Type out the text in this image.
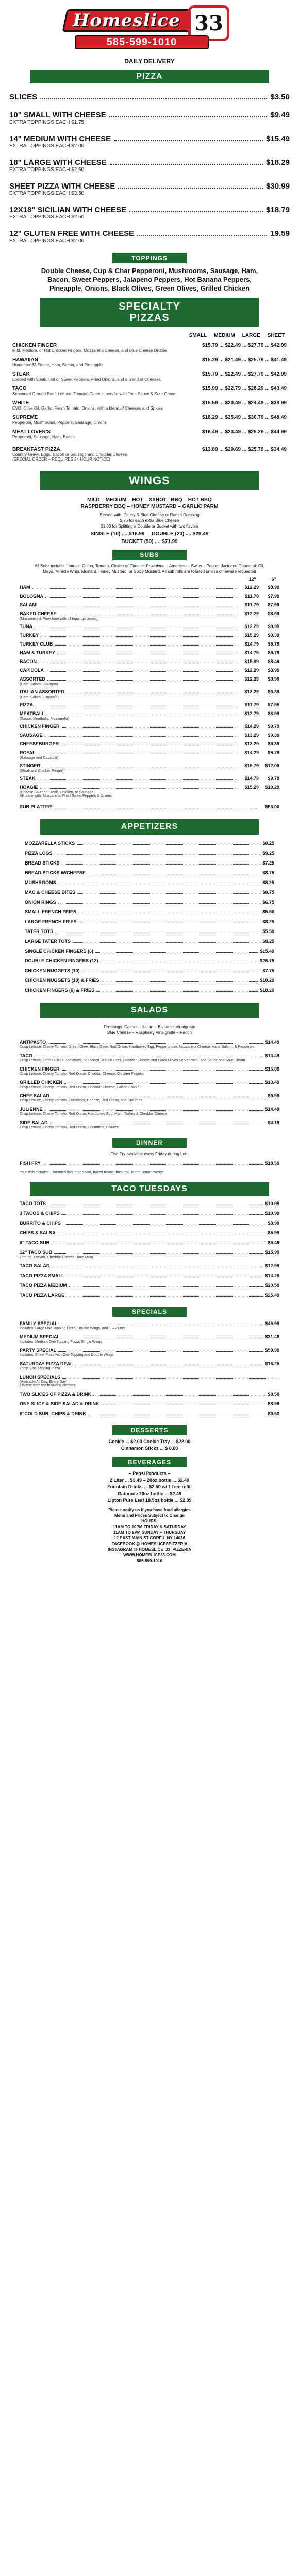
Homeslice 33
585-599-1010
DAILY DELIVERY
PIZZA
SLICES	$3.50
10" SMALL WITH CHEESE	$9.49
EXTRA TOPPINGS EACH $1.75
14" MEDIUM WITH CHEESE	$15.49
EXTRA TOPPINGS EACH $2.00
18" LARGE WITH CHEESE	$18.29
EXTRA TOPPINGS EACH $2.50
SHEET PIZZA WITH CHEESE	$30.99
EXTRA TOPPINGS EACH $3.50
12X18" SICILIAN WITH CHEESE	$18.79
EXTRA TOPPINGS EACH $2.50
12" GLUTEN FREE WITH CHEESE	19.59
EXTRA TOPPINGS EACH $2.00
TOPPINGS
Double Cheese, Cup & Char Pepperoni, Mushrooms, Sausage, Ham, Bacon, Sweet Peppers, Jalapeno Peppers, Hot Banana Peppers, Pineapple, Onions, Black Olives, Green Olives, Grilled Chicken
SPECIALTY
PIZZAS
SMALL MEDIUM LARGE SHEET
CHICKEN FINGER	$15.79 ... $22.49 ... $27.79 ... $42.99
Mild, Medium, or Hot Chicken Fingers, Mozzarella Cheese, and Blue Cheese Drizzle
HAWAIIAN	$15.29 ... $21.49 ... $25.79 ... $41.49
Homeslice33 Sauce, Ham, Bacon, and Pineapple
STEAK	$15.79 ... $22.49 ... $27.79 ... $42.99
Loaded with Steak, Hot or Sweet Peppers, Fried Onions, and a blend of Cheeses
TACO	$15.99 ... $22.79 ... $28.29 ... $43.49
Seasoned Ground Beef, Lettuce, Tomato, Cheese, served with Taco Sauce & Sour Cream
WHITE	$15.59 ... $20.49 ... $24.49 ... $38.99
EVO, Olive Oil, Garlic, Fresh Tomato, Onions, with a blend of Cheeses and Spices
SUPREME	$18.29 ... $25.49 ... $30.79 ... $48.49
Pepperoni, Mushrooms, Peppers, Sausage, Onions
MEAT LOVER'S	$16.49 ... $23.49 ... $28.29 ... $44.99
Pepperoni, Sausage, Ham, Bacon
BREAKFAST PIZZA	$13.89 ... $20.69 ... $25.79 ... $34.49
Country Gravy, Eggs, Bacon or Sausage and Cheddar Cheese
(SPECIAL ORDER – REQUIRES 24 HOUR NOTICE)
WINGS
MILD – MEDIUM – HOT – XXHOT –BBQ – HOT BBQ
RASPBERRY BBQ – HONEY MUSTARD – GARLIC PARM
Served with: Celery & Blue Cheese or Ranch Dressing
$.75 for each extra Blue Cheese
$1.00 for Splitting a Double or Bucket with two flavors
SINGLE (10) .... $16.99     DOUBLE (20) .... $29.49
BUCKET (50) .... $71.99
SUBS
All Subs include: Lettuce, Onion, Tomato, Choice of Cheese: Provolone – American – Swiss – Pepper Jack and Choice of: Oil, Mayo, Miracle Whip, Mustard, Honey Mustard, or Spicy Mustard. All sub rolls are toasted unless otherwise requested
12"	6"
HAM	$12.29	$8.99
BOLOGNA	$11.79	$7.99
SALAMI	$11.79	$7.99
BAKED CHEESE	$12.29	$8.99
(Mozzarella & Provolone with all toppings baked)
TUNA	$12.29	$8.99
TURKEY	$15.29	$9.39
TURKEY CLUB	$14.79	$9.79
HAM & TURKEY	$14.79	$9.79
BACON	$15.99	$8.49
CAPICOLA	$12.29	$8.99
ASSORTED	$12.29	$8.99
(Ham, Salami, Bologna)
ITALIAN ASSORTED	$13.29	$9.39
(Ham, Salami, Capicola)
PIZZA	$11.79	$7.99
MEATBALL	$12.79	$8.99
(Sauce, Meatballs, Mozzarella)
CHICKEN FINGER	$14.29	$9.79
SAUSAGE	$13.29	$9.39
CHEESEBURGER	$13.29	$9.39
ROYAL	$14.29	$9.79
(Sausage and Capicola)
STINGER	$15.79	$12.09
(Steak and Chicken Finger)
STEAK	$14.79	$9.79
HOAGIE	$15.29	$10.29
(Choose Sauteed Steak, Chicken, or Sausage)
All come with: Mozzarella, Fried Sweet Peppers & Onions
SUB PLATTER	$56.00
APPETIZERS
MOZZARELLA STICKS	$8.25
PIZZA LOGS	$9.25
BREAD STICKS	$7.25
BREAD STICKS W/CHEESE	$8.75
MUSHROOMS	$8.25
MAC & CHEESE BITES	$8.75
ONION RINGS	$6.75
SMALL FRENCH FRIES	$5.50
LARGE FRENCH FRIES	$8.25
TATER TOTS	$5.50
LARGE TATER TOTS	$8.25
SINGLE CHICKEN FINGERS (6)	$15.49
DOUBLE CHICKEN FINGERS (12)	$26.79
CHICKEN NUGGETS (10)	$7.75
CHICKEN NUGGETS (10) & FRIES	$10.29
CHICKEN FINGERS (6) & FRIES	$18.29
SALADS
Dressings: Caesar – Italian – Balsamic Vinaigrette
Blue Cheese – Raspberry Vinaigrette – Ranch
ANTIPASTO	$14.49
Crisp Lettuce, Cherry Tomato, Green Olive, Black Olive, Red Onion, Hardboiled Egg, Pepperoncini, Mozzarella Cheese, Ham, Salami, & Pepperoni
TACO	$14.49
Crisp Lettuce, Tortilla Chips, Tomatoes, Seasoned Ground Beef, Cheddar Cheese and Black Olives Served with Taco Sauce and Sour Cream
CHICKEN FINGER	$15.89
Crisp Lettuce, Cherry Tomato, Red Onion, Cheddar Cheese, Chicken Fingers
GRILLED CHICKEN	$13.49
Crisp Lettuce, Cherry Tomato, Red Onion, Cheddar Cheese, Grilled Chicken
CHEF SALAD	$9.99
Crisp Lettuce, Cherry Tomato, Cucumber, Cheese, Red Onion, and Croutons
JULIENNE	$14.49
Crisp Lettuce, Cherry Tomato, Red Onion, Hardboiled Egg, Ham, Turkey & Cheddar Cheese
SIDE SALAD	$4.19
Crisp Lettuce, Cherry Tomato, Red Onion, Cucumber, Crouton
DINNER
Fish Fry available every Friday during Lent
FISH FRY	$18.59
Your dish includes 1 breaded fish, mac salad, baked beans, fries, roll, butter, lemon wedge
TACO TUESDAYS
TACO TOTS	$10.99
3 TACOS & CHIPS	$10.99
BURRITO & CHIPS	$8.99
CHIPS & SALSA	$5.99
6" TACO SUB	$9.49
12" TACO SUB	$15.99
Lettuce, Tomato, Cheddar Cheese, Taco Meat
TACO SALAD	$12.99
TACO PIZZA SMALL	$14.25
TACO PIZZA MEDIUM	$20.50
TACO PIZZA LARGE	$25.49
SPECIALS
FAMILY SPECIAL	$49.99
Includes: Large One Topping Pizza, Double Wings, and 1 – 2 Liter
MEDIUM SPECIAL	$31.49
Includes: Medium One Topping Pizza, Single Wings
PARTY SPECIAL	$59.99
Includes: Sheet Pizza with One Topping and Double Wings
SATURDAY PIZZA DEAL	$16.25
Large One Topping Pizza
LUNCH SPECIALS
(Available All Day, Every Day)
Choose from the following combos:
TWO SLICES OF PIZZA & DRINK	$8.50
ONE SLICE & SIDE SALAD & DRINK	$8.99
6"COLD SUB, CHIPS & DRINK	$9.50
DESSERTS
Cookie ... $2.00 Cookie Tray ... $22.00
Cinnamon Sticks ... $ 8.00
BEVERAGES
– Pepsi Products –
2 Liter ... $3.49 – 20oz bottle ... $2.49
Fountain Drinks ... $2.50 w/ 1 free refill
Gatorade 20oz bottle ... $2.49
Lipton Pure Leaf 18.5oz bottle ... $2.89
Please notify us if you have food allergies
Menu and Prices Subject to Change
HOURS:
11AM TO 10PM FRIDAY & SATURDAY
11AM TO 9PM SUNDAY – THURSDAY
12 EAST MAIN ST CORFU, NY 14036
FACEBOOK @ HOMESLICESPIZZERIA
INSTAGRAM @ HOMESLICE_33_PIZZERIA
WWW.HOMESLICE33.COM
585-599-1010
